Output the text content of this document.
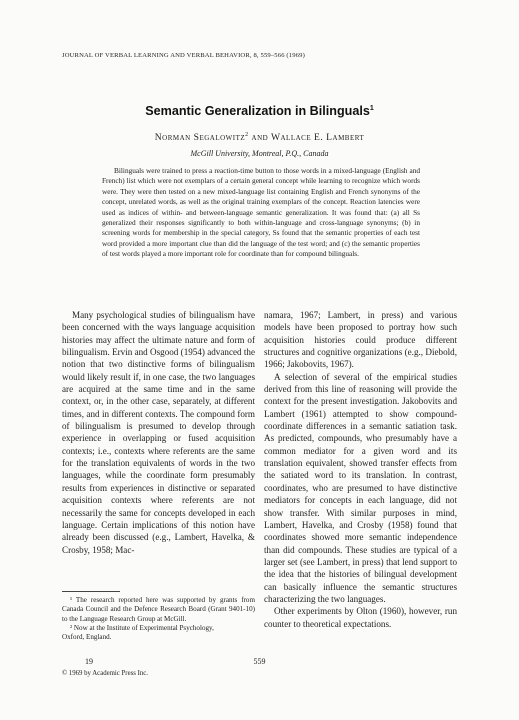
JOURNAL OF VERBAL LEARNING AND VERBAL BEHAVIOR, 8, 559–566 (1969)
Semantic Generalization in Bilinguals$^1$
Norman Segalowitz$^2$ and Wallace E. Lambert
McGill University, Montreal, P.Q., Canada

Bilinguals were trained to press a reaction-time button to those words in a mixed-language (English and French) list which were not exemplars of a certain general concept while learning to recognize which words were. They were then tested on a new mixed-language list containing English and French synonyms of the concept, unrelated words, as well as the original training exemplars of the concept. Reaction latencies were used as indices of within- and between-language semantic generalization. It was found that: (a) all Ss generalized their responses significantly to both within-language and cross-language synonyms; (b) in screening words for membership in the special category, Ss found that the semantic properties of each test word provided a more important clue than did the language of the test word; and (c) the semantic properties of test words played a more important role for coordinate than for compound bilinguals.

Many psychological studies of bilingualism have been concerned with the ways language acquisition histories may affect the ultimate nature and form of bilingualism. Ervin and Osgood (1954) advanced the notion that two distinctive forms of bilingualism would likely result if, in one case, the two languages are acquired at the same time and in the same context, or, in the other case, separately, at different times, and in different contexts. The compound form of bilingualism is presumed to develop through experience in overlapping or fused acquisition contexts; i.e., contexts where referents are the same for the translation equivalents of words in the two languages, while the coordinate form presumably results from experiences in distinctive or separated acquisition contexts where referents are not necessarily the same for concepts developed in each language. Certain implications of this notion have already been discussed (e.g., Lambert, Havelka, & Crosby, 1958; Mac-

namara, 1967; Lambert, in press) and various models have been proposed to portray how such acquisition histories could produce different structures and cognitive organizations (e.g., Diebold, 1966; Jakobovits, 1967).

A selection of several of the empirical studies derived from this line of reasoning will provide the context for the present investigation. Jakobovits and Lambert (1961) attempted to show compound-coordinate differences in a semantic satiation task. As predicted, compounds, who presumably have a common mediator for a given word and its translation equivalent, showed transfer effects from the satiated word to its translation. In contrast, coordinates, who are presumed to have distinctive mediators for concepts in each language, did not show transfer. With similar purposes in mind, Lambert, Havelka, and Crosby (1958) found that coordinates showed more semantic independence than did compounds. These studies are typical of a larger set (see Lambert, in press) that lend support to the idea that the histories of bilingual development can basically influence the semantic structures characterizing the two languages.

Other experiments by Olton (1960), however, run counter to theoretical expectations.

¹ The research reported here was supported by grants from Canada Council and the Defence Research Board (Grant 9401-10) to the Language Research Group at McGill.

² Now at the Institute of Experimental Psychology,

Oxford, England.

19	559
© 1969 by Academic Press Inc.
